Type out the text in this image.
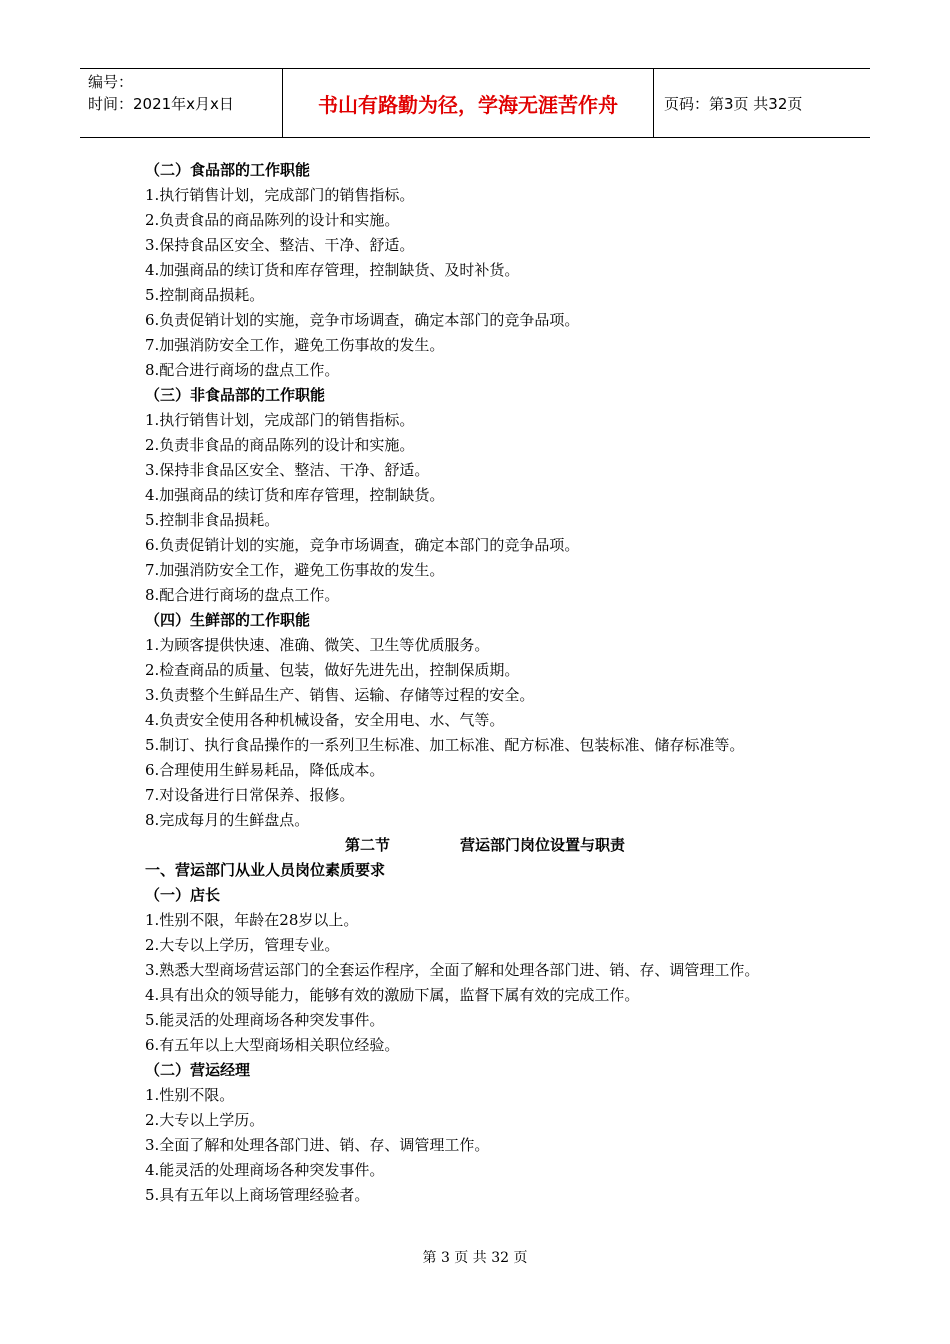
编号：
时间：2021年x月x日	书山有路勤为径，学海无涯苦作舟	页码：第3页 共32页
（二）食品部的工作职能
1.执行销售计划，完成部门的销售指标。
2.负责食品的商品陈列的设计和实施。
3.保持食品区安全、整洁、干净、舒适。
4.加强商品的续订货和库存管理，控制缺货、及时补货。
5.控制商品损耗。
6.负责促销计划的实施，竞争市场调查，确定本部门的竞争品项。
7.加强消防安全工作，避免工伤事故的发生。
8.配合进行商场的盘点工作。
（三）非食品部的工作职能
1.执行销售计划，完成部门的销售指标。
2.负责非食品的商品陈列的设计和实施。
3.保持非食品区安全、整洁、干净、舒适。
4.加强商品的续订货和库存管理，控制缺货。
5.控制非食品损耗。
6.负责促销计划的实施，竞争市场调查，确定本部门的竞争品项。
7.加强消防安全工作，避免工伤事故的发生。
8.配合进行商场的盘点工作。
（四）生鲜部的工作职能
1.为顾客提供快速、准确、微笑、卫生等优质服务。
2.检查商品的质量、包装，做好先进先出，控制保质期。
3.负责整个生鲜品生产、销售、运输、存储等过程的安全。
4.负责安全使用各种机械设备，安全用电、水、气等。
5.制订、执行食品操作的一系列卫生标准、加工标准、配方标准、包装标准、储存标准等。
6.合理使用生鲜易耗品，降低成本。
7.对设备进行日常保养、报修。
8.完成每月的生鲜盘点。
第二节	营运部门岗位设置与职责
一、营运部门从业人员岗位素质要求
（一）店长
1.性别不限，年龄在28岁以上。
2.大专以上学历，管理专业。
3.熟悉大型商场营运部门的全套运作程序，全面了解和处理各部门进、销、存、调管理工作。
4.具有出众的领导能力，能够有效的激励下属，监督下属有效的完成工作。
5.能灵活的处理商场各种突发事件。
6.有五年以上大型商场相关职位经验。
（二）营运经理
1.性别不限。
2.大专以上学历。
3.全面了解和处理各部门进、销、存、调管理工作。
4.能灵活的处理商场各种突发事件。
5.具有五年以上商场管理经验者。
第 3 页 共 32 页
